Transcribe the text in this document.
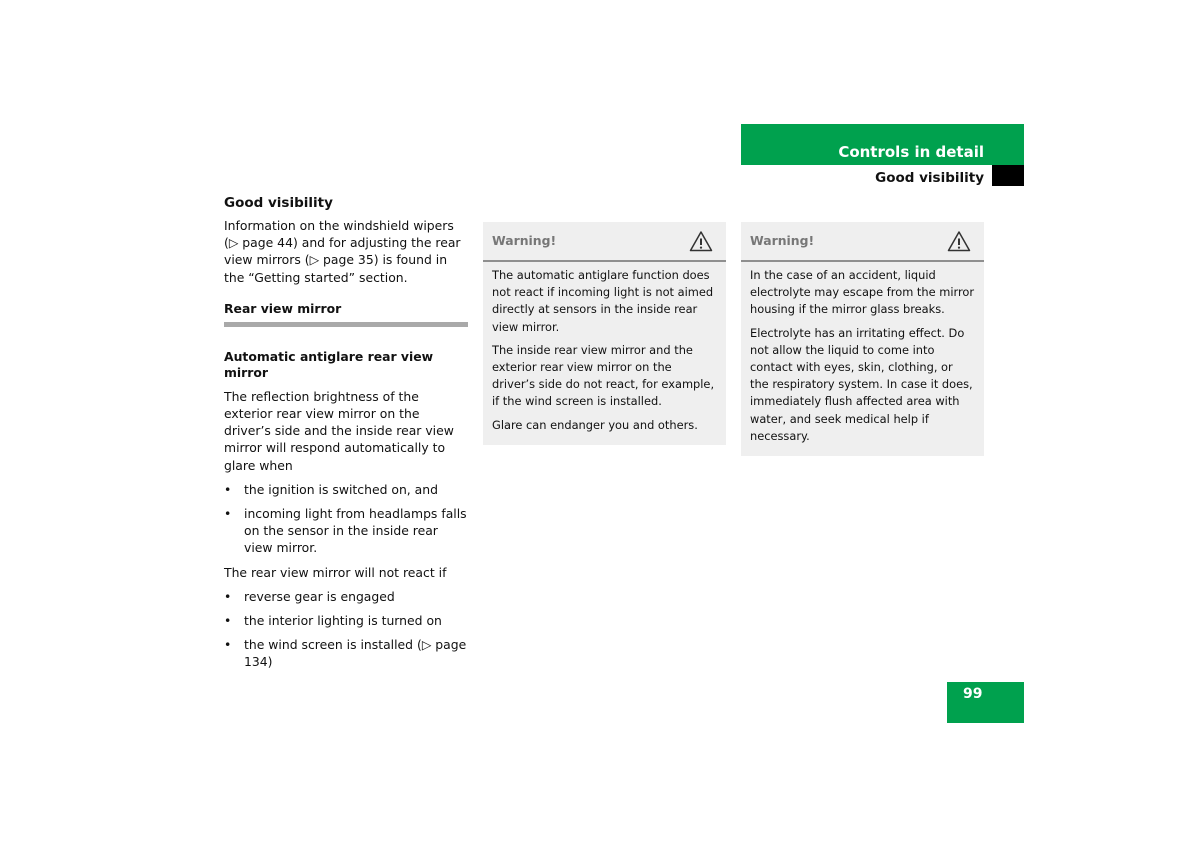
Controls in detail
Good visibility
Good visibility

Information on the windshield wipers (▷ page 44) and for adjusting the rear view mirrors (▷ page 35) is found in the “Getting started” section.

Rear view mirror
Automatic antiglare rear view mirror

The reflection brightness of the exterior rear view mirror on the driver’s side and the inside rear view mirror will respond automatically to glare when

• the ignition is switched on, and
• incoming light from headlamps falls on the sensor in the inside rear view mirror.

The rear view mirror will not react if

• reverse gear is engaged
• the interior lighting is turned on
• the wind screen is installed (▷ page 134)
Warning!

The automatic antiglare function does not react if incoming light is not aimed directly at sensors in the inside rear view mirror.

The inside rear view mirror and the exterior rear view mirror on the driver’s side do not react, for example, if the wind screen is installed.

Glare can endanger you and others.

Warning!

In the case of an accident, liquid electrolyte may escape from the mirror housing if the mirror glass breaks.

Electrolyte has an irritating effect. Do not allow the liquid to come into contact with eyes, skin, clothing, or the respiratory system. In case it does, immediately flush affected area with water, and seek medical help if necessary.

99
